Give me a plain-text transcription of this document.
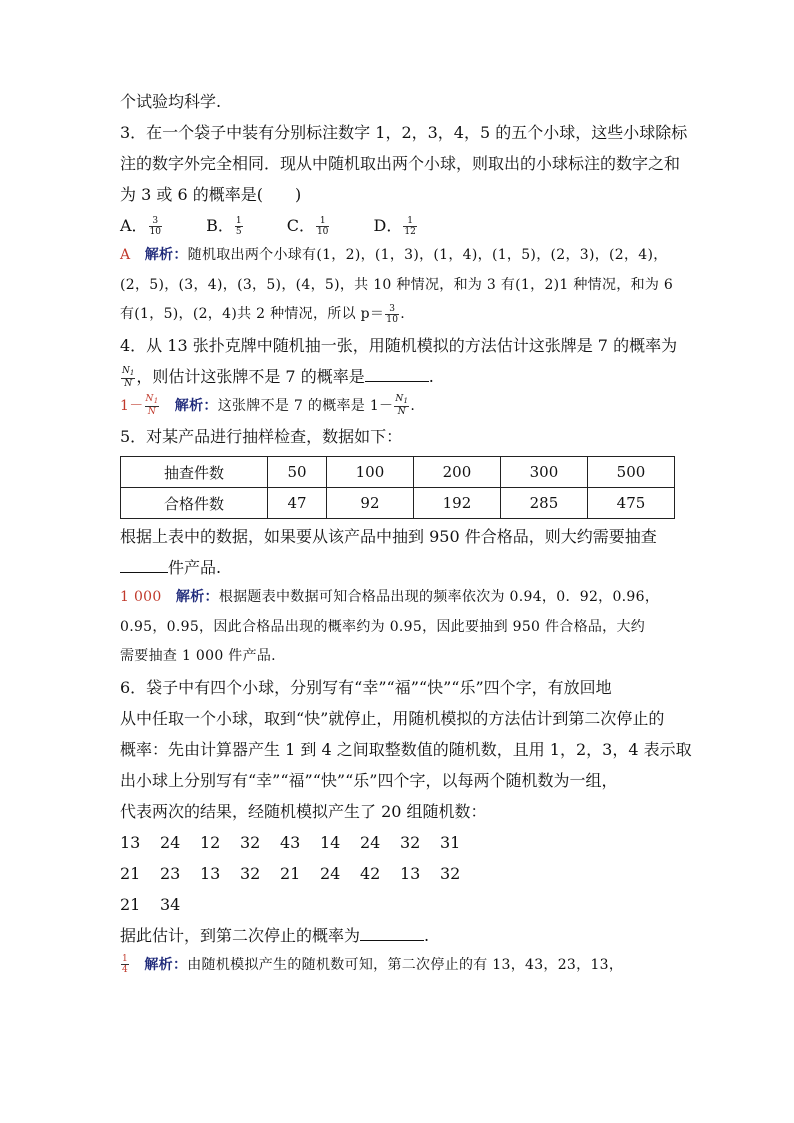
个试验均科学.
3．在一个袋子中装有分别标注数字 1，2，3，4，5 的五个小球，这些小球除标
注的数字外完全相同．现从中随机取出两个小球，则取出的小球标注的数字之和
为 3 或 6 的概率是(　　)
A． $\frac{3}{10}$	B． $\frac{1}{5}$	C． $\frac{1}{10}$	D． $\frac{1}{12}$
A　 解析：随机取出两个小球有(1，2)，(1，3)，(1，4)，(1，5)，(2，3)，(2，4)，
(2，5)，(3，4)，(3，5)，(4，5)，共 10 种情况，和为 3 有(1，2)1 种情况，和为 6
有(1，5)，(2，4)共 2 种情况，所以 $p= \frac{3}{10}$ .
4．从 13 张扑克牌中随机抽一张，用随机模拟的方法估计这张牌是 7 的概率为
$\frac{N_1}{N}$ ，则估计这张牌不是 7 的概率是	.
$1- \frac{N_1}{N}$
　 解析：这张牌不是 7 的概率是 $1- \frac{N_1}{N}$ .
5．对某产品进行抽样检查，数据如下：
抽查件数	50	100	200	300	500
合格件数	47	92	192	285	475
根据上表中的数据，如果要从该产品中抽到 950 件合格品，则大约需要抽查
件产品.
1 000　 解析：根据题表中数据可知合格品出现的频率依次为 0.94，0．92，0.96，
0.95，0.95，因此合格品出现的概率约为 0.95，因此要抽到 950 件合格品，大约
需要抽查 1 000 件产品.
6．袋子中有四个小球，分别写有“幸”“福”“快”“乐”四个字，有放回地
从中任取一个小球，取到“快”就停止，用随机模拟的方法估计到第二次停止的
概率：先由计算器产生 1 到 4 之间取整数值的随机数，且用 1，2，3，4 表示取
出小球上分别写有“幸”“福”“快”“乐”四个字，以每两个随机数为一组，
代表两次的结果，经随机模拟产生了 20 组随机数：
13 24 12 32 43 14 24 32 31
21 23 13 32 21 24 42 13 32
21 34
据此估计，到第二次停止的概率为	.
$\frac{1}{4}$
　 解析：由随机模拟产生的随机数可知，第二次停止的有 13，43，23，13，
